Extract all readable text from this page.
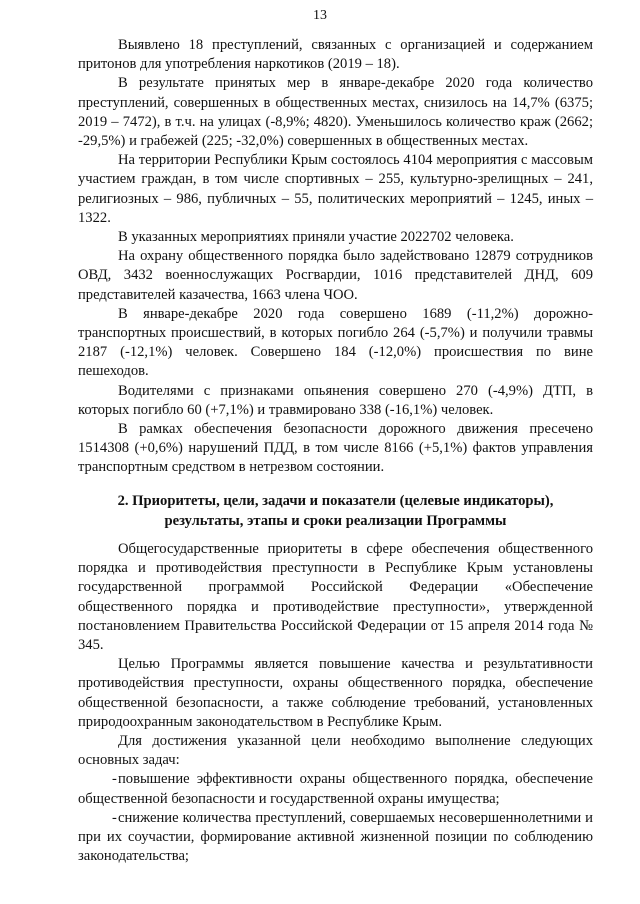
13

Выявлено 18 преступлений, связанных с организацией и содержанием притонов для употребления наркотиков (2019 – 18).

В результате принятых мер в январе-декабре 2020 года количество преступлений, совершенных в общественных местах, снизилось на 14,7% (6375; 2019 – 7472), в т.ч. на улицах (-8,9%; 4820). Уменьшилось количество краж (2662; -29,5%) и грабежей (225; -32,0%) совершенных в общественных местах.

На территории Республики Крым состоялось 4104 мероприятия с массовым участием граждан, в том числе спортивных – 255, культурно-зрелищных – 241, религиозных – 986, публичных – 55, политических мероприятий – 1245, иных – 1322.

В указанных мероприятиях приняли участие 2022702 человека.

На охрану общественного порядка было задействовано 12879 сотрудников ОВД, 3432 военнослужащих Росгвардии, 1016 представителей ДНД, 609 представителей казачества, 1663 члена ЧОО.

В январе-декабре 2020 года совершено 1689 (-11,2%) дорожно-транспортных происшествий, в которых погибло 264 (-5,7%) и получили травмы 2187 (-12,1%) человек. Совершено 184 (-12,0%) происшествия по вине пешеходов.

Водителями с признаками опьянения совершено 270 (-4,9%) ДТП, в которых погибло 60 (+7,1%) и травмировано 338 (-16,1%) человек.

В рамках обеспечения безопасности дорожного движения пресечено 1514308 (+0,6%) нарушений ПДД, в том числе 8166 (+5,1%) фактов управления транспортным средством в нетрезвом состоянии.

2. Приоритеты, цели, задачи и показатели (целевые индикаторы), результаты, этапы и сроки реализации Программы

Общегосударственные приоритеты в сфере обеспечения общественного порядка и противодействия преступности в Республике Крым установлены государственной программой Российской Федерации «Обеспечение общественного порядка и противодействие преступности», утвержденной постановлением Правительства Российской Федерации от 15 апреля 2014 года № 345.

Целью Программы является повышение качества и результативности противодействия преступности, охраны общественного порядка, обеспечение общественной безопасности, а также соблюдение требований, установленных природоохранным законодательством в Республике Крым.

Для достижения указанной цели необходимо выполнение следующих основных задач:

-повышение эффективности охраны общественного порядка, обеспечение общественной безопасности и государственной охраны имущества;

-снижение количества преступлений, совершаемых несовершеннолетними и при их соучастии, формирование активной жизненной позиции по соблюдению законодательства;
